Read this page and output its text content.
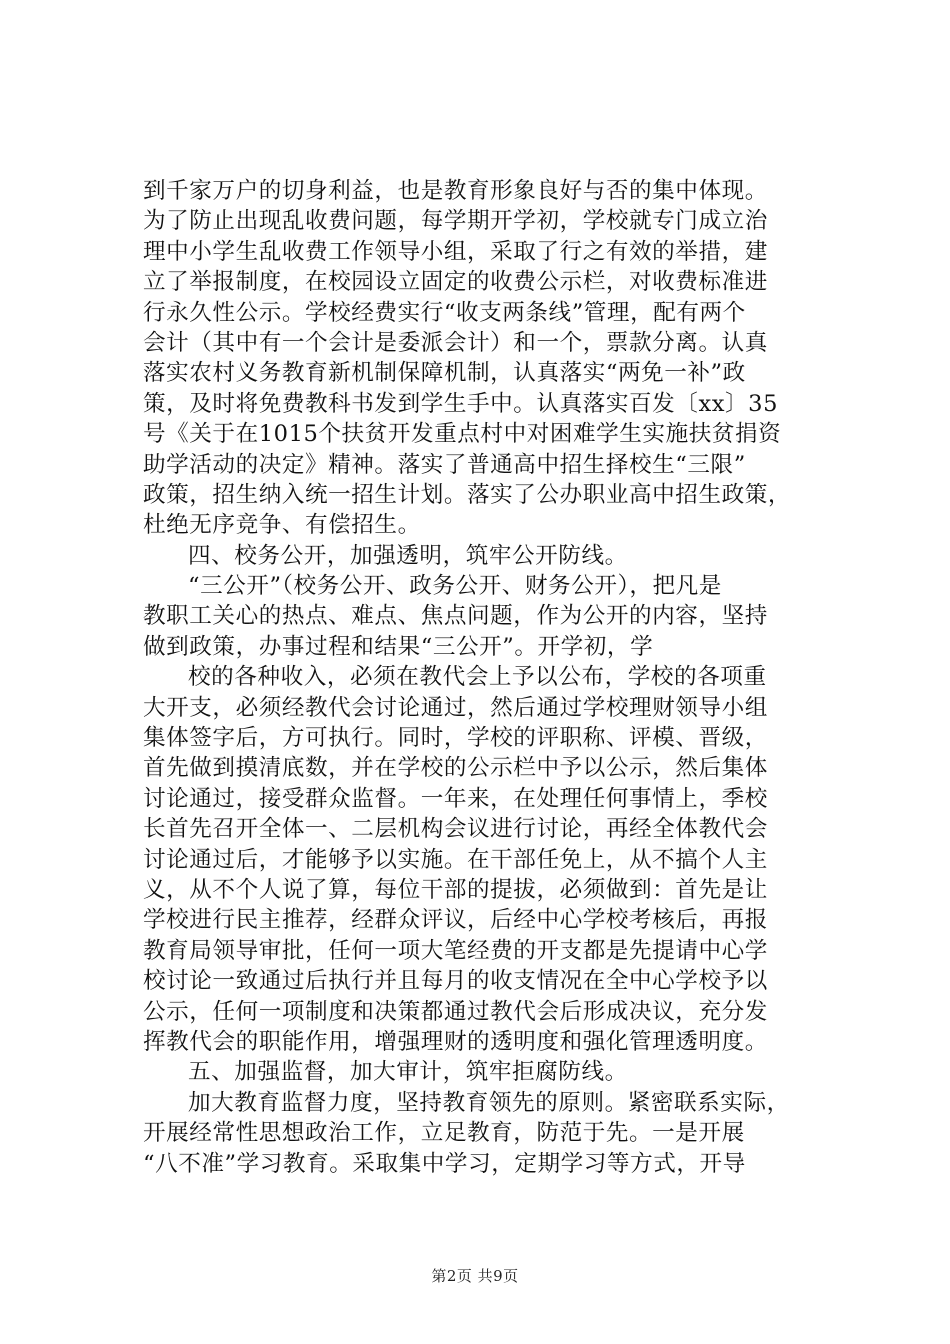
到千家万户的切身利益，也是教育形象良好与否的集中体现。
为了防止出现乱收费问题，每学期开学初，学校就专门成立治
理中小学生乱收费工作领导小组，采取了行之有效的举措，建
立了举报制度，在校园设立固定的收费公示栏，对收费标准进
行永久性公示。学校经费实行“收支两条线”管理，配有两个
会计（其中有一个会计是委派会计）和一个，票款分离。认真
落实农村义务教育新机制保障机制，认真落实“两免一补”政
策，及时将免费教科书发到学生手中。认真落实百发〔xx〕35
号《关于在1015个扶贫开发重点村中对困难学生实施扶贫捐资
助学活动的决定》精神。落实了普通高中招生择校生“三限”
政策，招生纳入统一招生计划。落实了公办职业高中招生政策，
杜绝无序竞争、有偿招生。
四、校务公开，加强透明，筑牢公开防线。
“三公开”（校务公开、政务公开、财务公开），把凡是
教职工关心的热点、难点、焦点问题，作为公开的内容，坚持
做到政策，办事过程和结果“三公开”。开学初，学
校的各种收入，必须在教代会上予以公布，学校的各项重
大开支，必须经教代会讨论通过，然后通过学校理财领导小组
集体签字后，方可执行。同时，学校的评职称、评模、晋级，
首先做到摸清底数，并在学校的公示栏中予以公示，然后集体
讨论通过，接受群众监督。一年来，在处理任何事情上，季校
长首先召开全体一、二层机构会议进行讨论，再经全体教代会
讨论通过后，才能够予以实施。在干部任免上，从不搞个人主
义，从不个人说了算，每位干部的提拔，必须做到：首先是让
学校进行民主推荐，经群众评议，后经中心学校考核后，再报
教育局领导审批，任何一项大笔经费的开支都是先提请中心学
校讨论一致通过后执行并且每月的收支情况在全中心学校予以
公示，任何一项制度和决策都通过教代会后形成决议，充分发
挥教代会的职能作用，增强理财的透明度和强化管理透明度。
五、加强监督，加大审计，筑牢拒腐防线。
加大教育监督力度，坚持教育领先的原则。紧密联系实际，
开展经常性思想政治工作，立足教育，防范于先。一是开展
“八不准”学习教育。采取集中学习，定期学习等方式，开导
第2页 共9页
